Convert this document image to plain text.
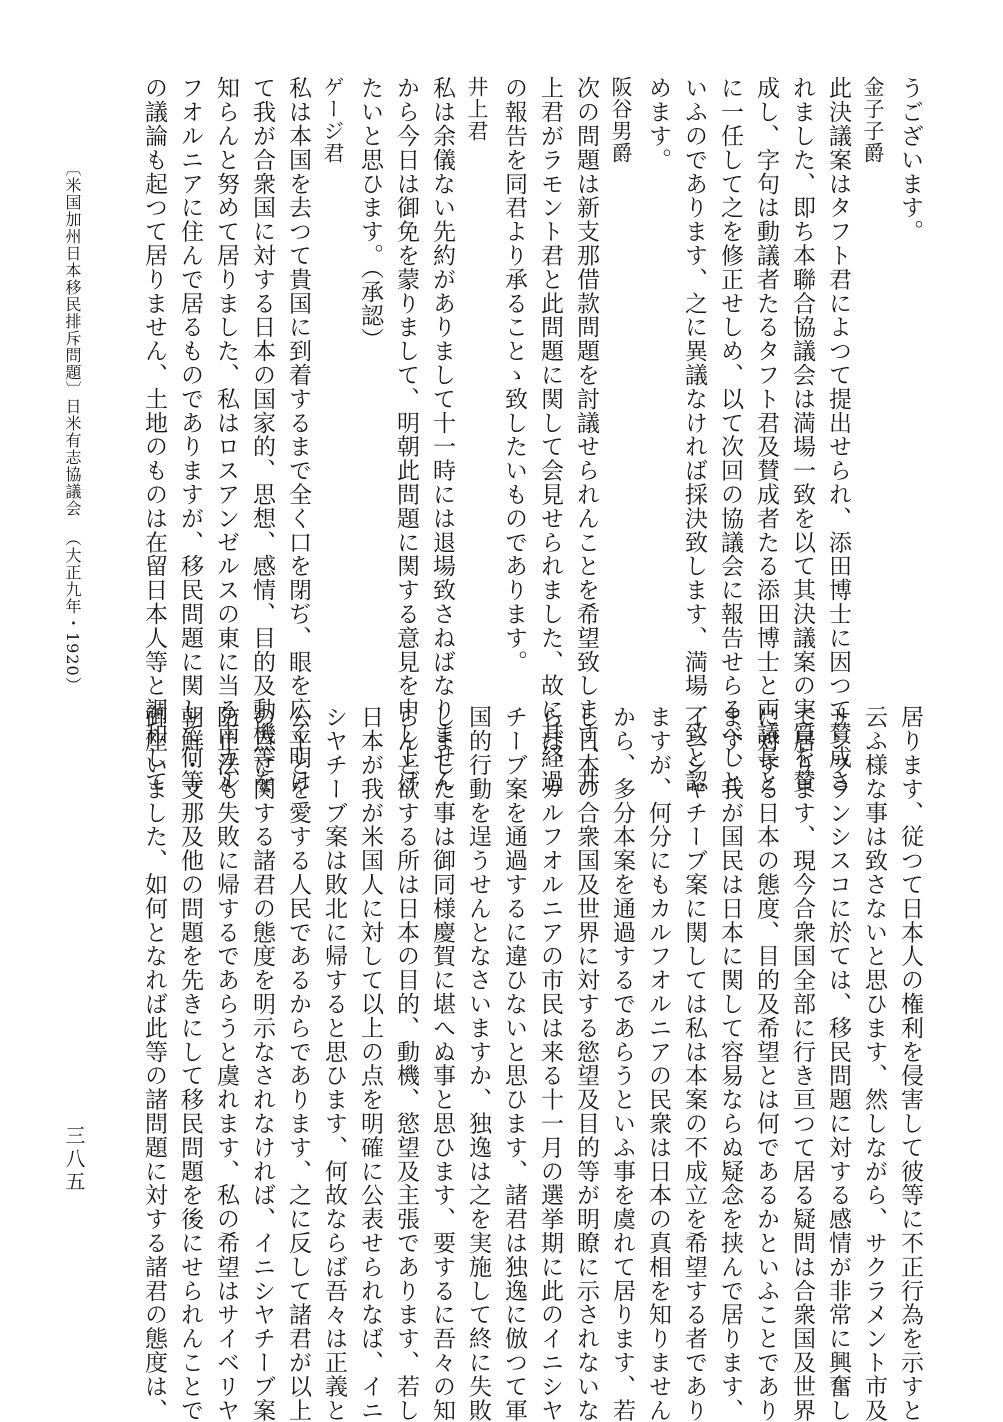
うございます。
金子子爵
此決議案はタフト君によつて提出せられ、添田博士に因つて賛成さ
れました、即ち本聯合協議会は満場一致を以て其決議案の実質を賛
成し、字句は動議者たるタフト君及賛成者たる添田博士と両議長と
に一任して之を修正せしめ、以て次回の協議会に報告せらるべしと
いふのであります、之に異議なければ採決致します、満場一致と認
めます。
阪谷男爵
次の問題は新支那借款問題を討議せられんことを希望致します、井
上君がラモント君と此問題に関して会見せられました、故に其経過
の報告を同君より承ることゝ致したいものであります。
井上君
私は余儀ない先約がありまして十一時には退場致さねばなりません
から今日は御免を蒙りまして、明朝此問題に関する意見を申し上げ
たいと思ひます。（承認）
ゲージ君
私は本国を去つて貴国に到着するまで全く口を閉ぢ、眼を広く明け
て我が合衆国に対する日本の国家的、思想、感情、目的及動機等を
知らんと努めて居りました、私はロスアンゼルスの東に当る南カル
フオルニアに住んで居るものでありますが、移民問題に関して何等
の議論も起つて居りません、土地のものは在留日本人等と調和して
〔米国加州日本移民排斥問題〕
日米有志協議会
（大正九年・1920）
居ります、従つて日本人の権利を侵害して彼等に不正行為を示すと
云ふ様な事は致さないと思ひます、然しながら、サクラメント市及
サンフランシスコに於ては、移民問題に対する感情が非常に興奮し
て居ります、現今合衆国全部に行き亘つて居る疑問は合衆国及世界
に対する日本の態度、目的及希望とは何であるかといふことであり
ます、我が国民は日本に関して容易ならぬ疑念を挟んで居ります、
イニシヤチーブ案に関しては私は本案の不成立を希望する者であり
ますが、何分にもカルフオルニアの民衆は日本の真相を知りません
から、多分本案を通過するであらうといふ事を虞れて居ります、若
し日本の合衆国及世界に対する慾望及目的等が明瞭に示されないな
らば、カルフオルニアの市民は来る十一月の選挙期に此のイニシヤ
チーブ案を通過するに違ひないと思ひます、諸君は独逸に倣つて軍
国的行動を逞うせんとなさいますか、独逸は之を実施して終に失敗
しました事は御同様慶賀に堪へぬ事と思ひます、要するに吾々の知
らんと欲する所は日本の目的、動機、慾望及主張であります、若し
日本が我が米国人に対して以上の点を明確に公表せられなば、イニ
シヤチーブ案は敗北に帰すると思ひます、何故ならば吾々は正義と
公平とを愛する人民であるからであります、之に反して諸君が以上
の点に関する諸君の態度を明示なされなければ、イニシヤチーブ案
防止法も失敗に帰するであらうと虞れます、私の希望はサイベリヤ
朝鮮・支那及他の問題を先きにして移民問題を後にせられんことで
御座いました、如何となれば此等の諸問題に対する諸君の態度は、
三八五
